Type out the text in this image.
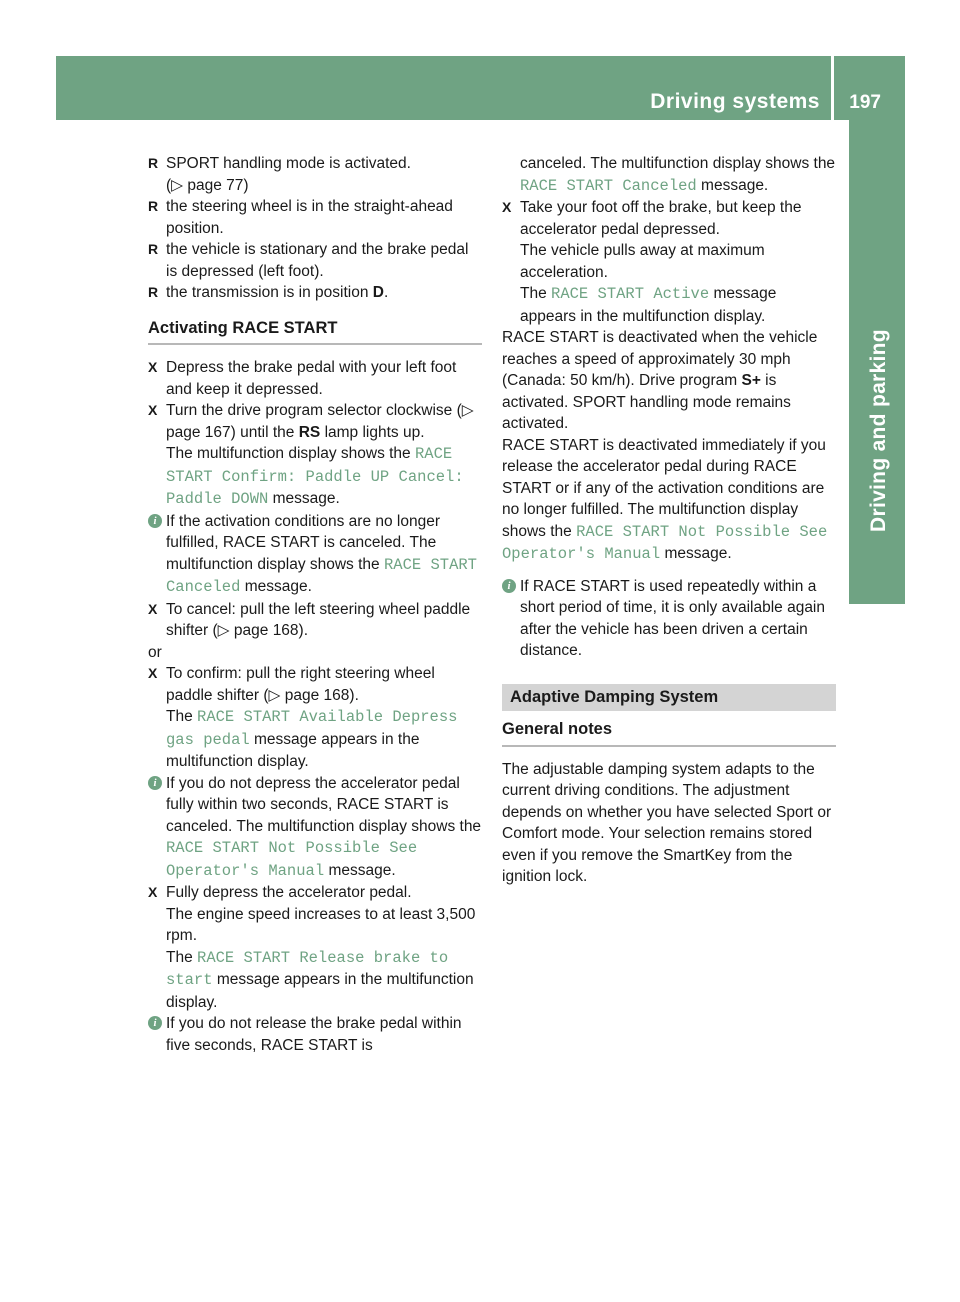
Driving systems 197
Driving and parking
R SPORT handling mode is activated.
(▷ page 77)
R the steering wheel is in the straight-ahead position.
R the vehicle is stationary and the brake pedal is depressed (left foot).
R the transmission is in position D.
Activating RACE START
X Depress the brake pedal with your left foot and keep it depressed.
X Turn the drive program selector clockwise (▷ page 167) until the RS lamp lights up.
The multifunction display shows the RACE START Confirm: Paddle UP Cancel: Paddle DOWN message.
i If the activation conditions are no longer fulfilled, RACE START is canceled. The multifunction display shows the RACE START Canceled message.
X To cancel: pull the left steering wheel paddle shifter (▷ page 168).
or
X To confirm: pull the right steering wheel paddle shifter (▷ page 168).
The RACE START Available Depress gas pedal message appears in the multifunction display.
i If you do not depress the accelerator pedal fully within two seconds, RACE START is canceled. The multifunction display shows the RACE START Not Possible See Operator's Manual message.
X Fully depress the accelerator pedal.
The engine speed increases to at least 3,500 rpm.
The RACE START Release brake to start message appears in the multifunction display.
i If you do not release the brake pedal within five seconds, RACE START is
canceled. The multifunction display shows the RACE START Canceled message.
X Take your foot off the brake, but keep the accelerator pedal depressed.
The vehicle pulls away at maximum acceleration.
The RACE START Active message appears in the multifunction display.
RACE START is deactivated when the vehicle reaches a speed of approximately 30 mph (Canada: 50 km/h). Drive program S+ is activated. SPORT handling mode remains activated.
RACE START is deactivated immediately if you release the accelerator pedal during RACE START or if any of the activation conditions are no longer fulfilled. The multifunction display shows the RACE START Not Possible See Operator's Manual message.
i If RACE START is used repeatedly within a short period of time, it is only available again after the vehicle has been driven a certain distance.
Adaptive Damping System
General notes
The adjustable damping system adapts to the current driving conditions. The adjustment depends on whether you have selected Sport or Comfort mode. Your selection remains stored even if you remove the SmartKey from the ignition lock.
